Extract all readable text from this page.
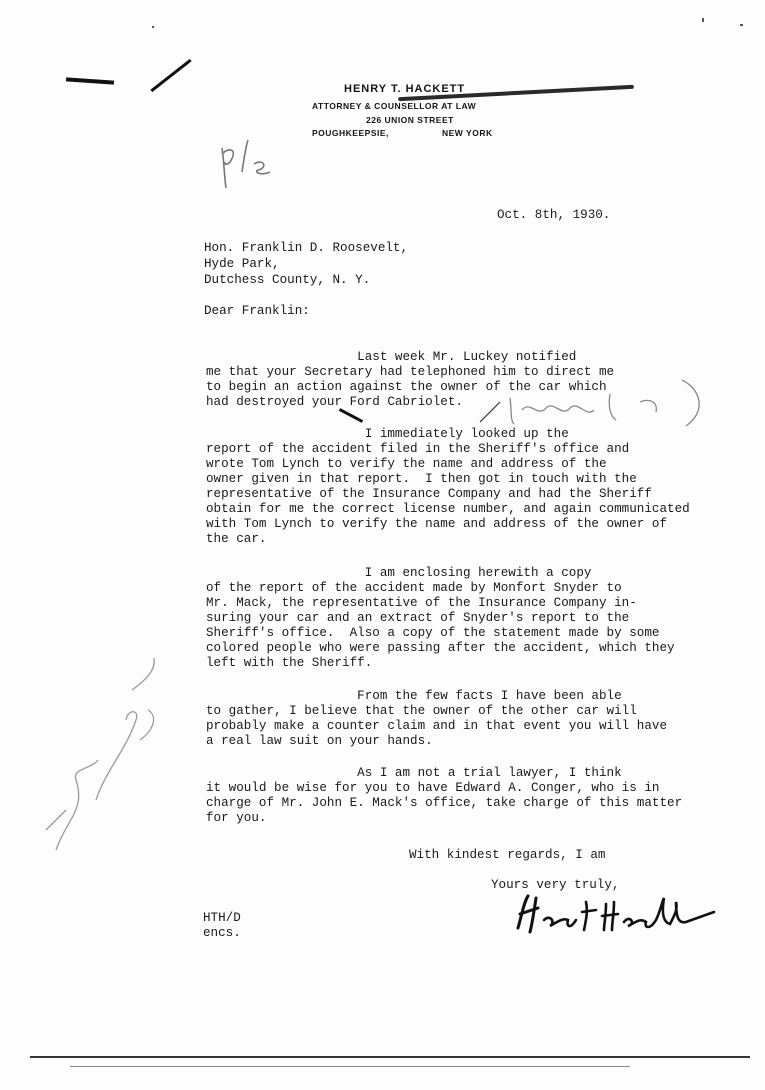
HENRY T. HACKETT
ATTORNEY & COUNSELLOR AT LAW
226 UNION STREET
POUGHKEEPSIE,	NEW YORK
Oct. 8th, 1930.
Hon. Franklin D. Roosevelt,
Hyde Park,
Dutchess County, N. Y.
Dear Franklin:
Last week Mr. Luckey notified
me that your Secretary had telephoned him to direct me
to begin an action against the owner of the car which
had destroyed your Ford Cabriolet.
I immediately looked up the
report of the accident filed in the Sheriff's office and
wrote Tom Lynch to verify the name and address of the
owner given in that report.  I then got in touch with the
representative of the Insurance Company and had the Sheriff
obtain for me the correct license number, and again communicated
with Tom Lynch to verify the name and address of the owner of
the car.
I am enclosing herewith a copy
of the report of the accident made by Monfort Snyder to
Mr. Mack, the representative of the Insurance Company in-
suring your car and an extract of Snyder's report to the
Sheriff's office.  Also a copy of the statement made by some
colored people who were passing after the accident, which they
left with the Sheriff.
From the few facts I have been able
to gather, I believe that the owner of the other car will
probably make a counter claim and in that event you will have
a real law suit on your hands.
As I am not a trial lawyer, I think
it would be wise for you to have Edward A. Conger, who is in
charge of Mr. John E. Mack's office, take charge of this matter
for you.
With kindest regards, I am
Yours very truly,
HTH/D
encs.
